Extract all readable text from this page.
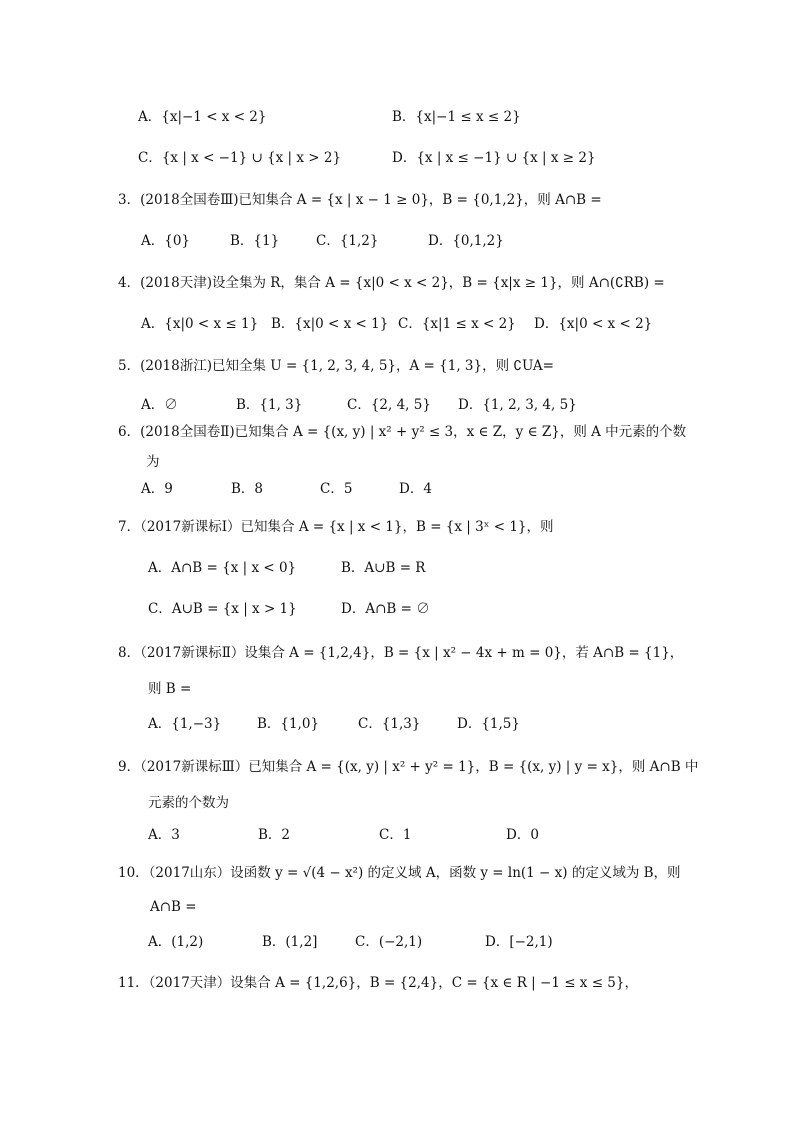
A．{x|−1 < x < 2}	B．{x|−1 ≤ x ≤ 2}
C．{x | x < −1} ∪ {x | x > 2}	D．{x | x ≤ −1} ∪ {x | x ≥ 2}
3．(2018全国卷Ⅲ)已知集合 A = {x | x − 1 ≥ 0}，B = {0,1,2}，则 A∩B =
A．{0}	B．{1}	C．{1,2}	D．{0,1,2}
4．(2018天津)设全集为 R，集合 A = {x|0 < x < 2}，B = {x|x ≥ 1}，则 A∩(∁RB) =
A．{x|0 < x ≤ 1} B．{x|0 < x < 1} C．{x|1 ≤ x < 2} D．{x|0 < x < 2}
5．(2018浙江)已知全集 U = {1, 2, 3, 4, 5}，A = {1, 3}，则 ∁UA=
A．∅	B．{1, 3}	C．{2, 4, 5} D．{1, 2, 3, 4, 5}
6．(2018全国卷Ⅱ)已知集合 A = {(x, y) | x² + y² ≤ 3，x ∈ Z，y ∈ Z}，则 A 中元素的个数
为
A．9	B．8	C．5	D．4
7．（2017新课标Ⅰ）已知集合 A = {x | x < 1}，B = {x | 3ˣ < 1}，则
A．A∩B = {x | x < 0}	B．A∪B = R
C．A∪B = {x | x > 1}	D．A∩B = ∅
8．（2017新课标Ⅱ）设集合 A = {1,2,4}，B = {x | x² − 4x + m = 0}，若 A∩B = {1}，
则 B =
A．{1,−3}	B．{1,0}	C．{1,3}	D．{1,5}
9．（2017新课标Ⅲ）已知集合 A = {(x, y) | x² + y² = 1}，B = {(x, y) | y = x}，则 A∩B 中
元素的个数为
A．3	B．2	C．1	D．0
10．（2017山东）设函数 y = √(4 − x²) 的定义域 A，函数 y = ln(1 − x) 的定义域为 B，则
A∩B =
A．(1,2)	B．(1,2]	C．(−2,1)	D．[−2,1)
11．（2017天津）设集合 A = {1,2,6}，B = {2,4}，C = {x ∈ R | −1 ≤ x ≤ 5}，
